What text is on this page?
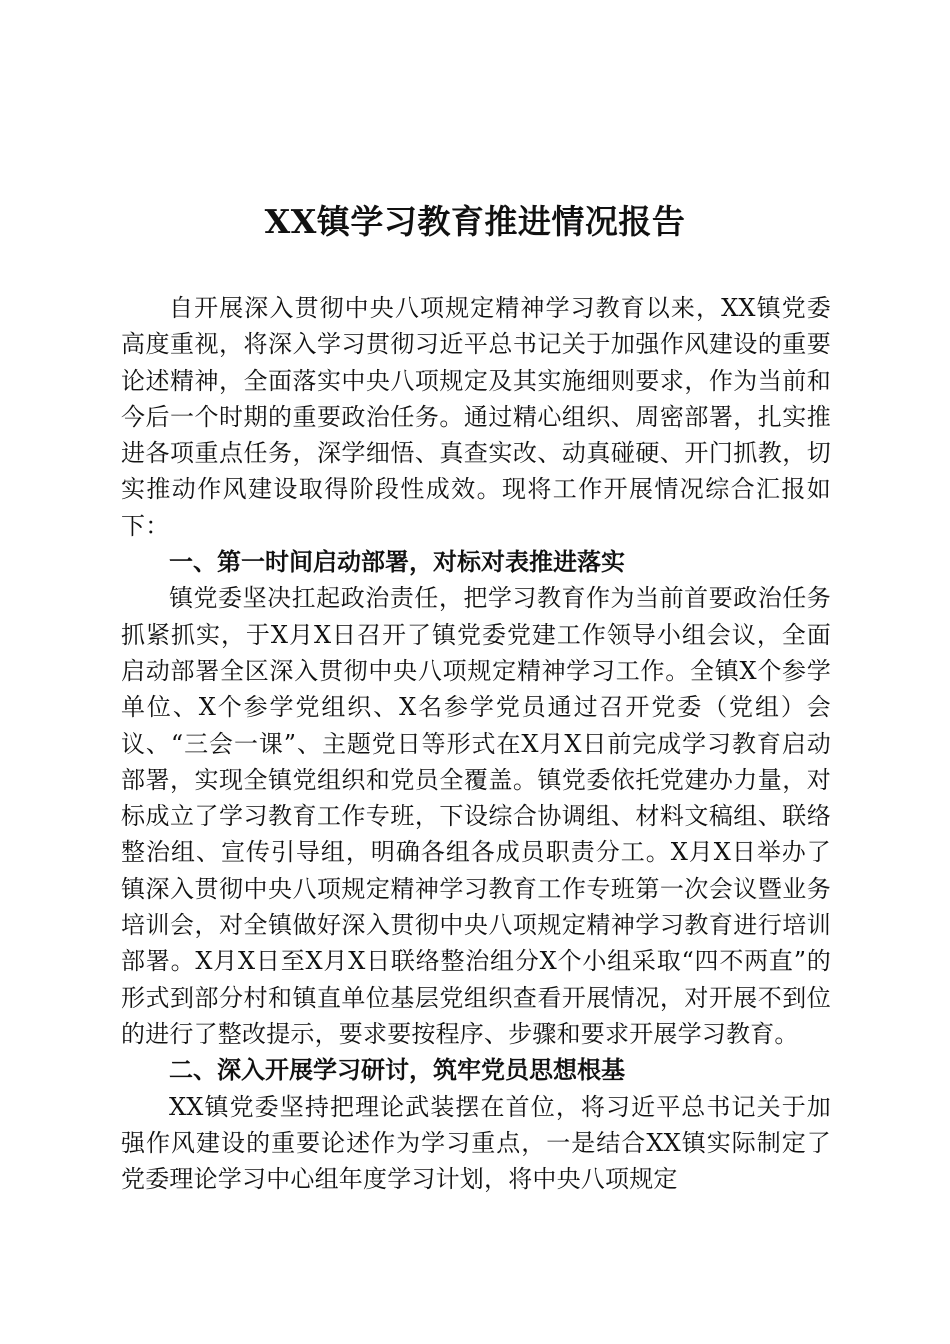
XX镇学习教育推进情况报告

自开展深入贯彻中央八项规定精神学习教育以来，XX镇党委高度重视，将深入学习贯彻习近平总书记关于加强作风建设的重要论述精神，全面落实中央八项规定及其实施细则要求，作为当前和今后一个时期的重要政治任务。通过精心组织、周密部署，扎实推进各项重点任务，深学细悟、真查实改、动真碰硬、开门抓教，切实推动作风建设取得阶段性成效。现将工作开展情况综合汇报如下：

一、第一时间启动部署，对标对表推进落实

镇党委坚决扛起政治责任，把学习教育作为当前首要政治任务抓紧抓实，于X月X日召开了镇党委党建工作领导小组会议，全面启动部署全区深入贯彻中央八项规定精神学习工作。全镇X个参学单位、X个参学党组织、X名参学党员通过召开党委（党组）会议、“三会一课”、主题党日等形式在X月X日前完成学习教育启动部署，实现全镇党组织和党员全覆盖。镇党委依托党建办力量，对标成立了学习教育工作专班，下设综合协调组、材料文稿组、联络整治组、宣传引导组，明确各组各成员职责分工。X月X日举办了镇深入贯彻中央八项规定精神学习教育工作专班第一次会议暨业务培训会，对全镇做好深入贯彻中央八项规定精神学习教育进行培训部署。X月X日至X月X日联络整治组分X个小组采取“四不两直”的形式到部分村和镇直单位基层党组织查看开展情况，对开展不到位的进行了整改提示，要求要按程序、步骤和要求开展学习教育。

二、深入开展学习研讨，筑牢党员思想根基

XX镇党委坚持把理论武装摆在首位，将习近平总书记关于加强作风建设的重要论述作为学习重点，一是结合XX镇实际制定了党委理论学习中心组年度学习计划，将中央八项规定
